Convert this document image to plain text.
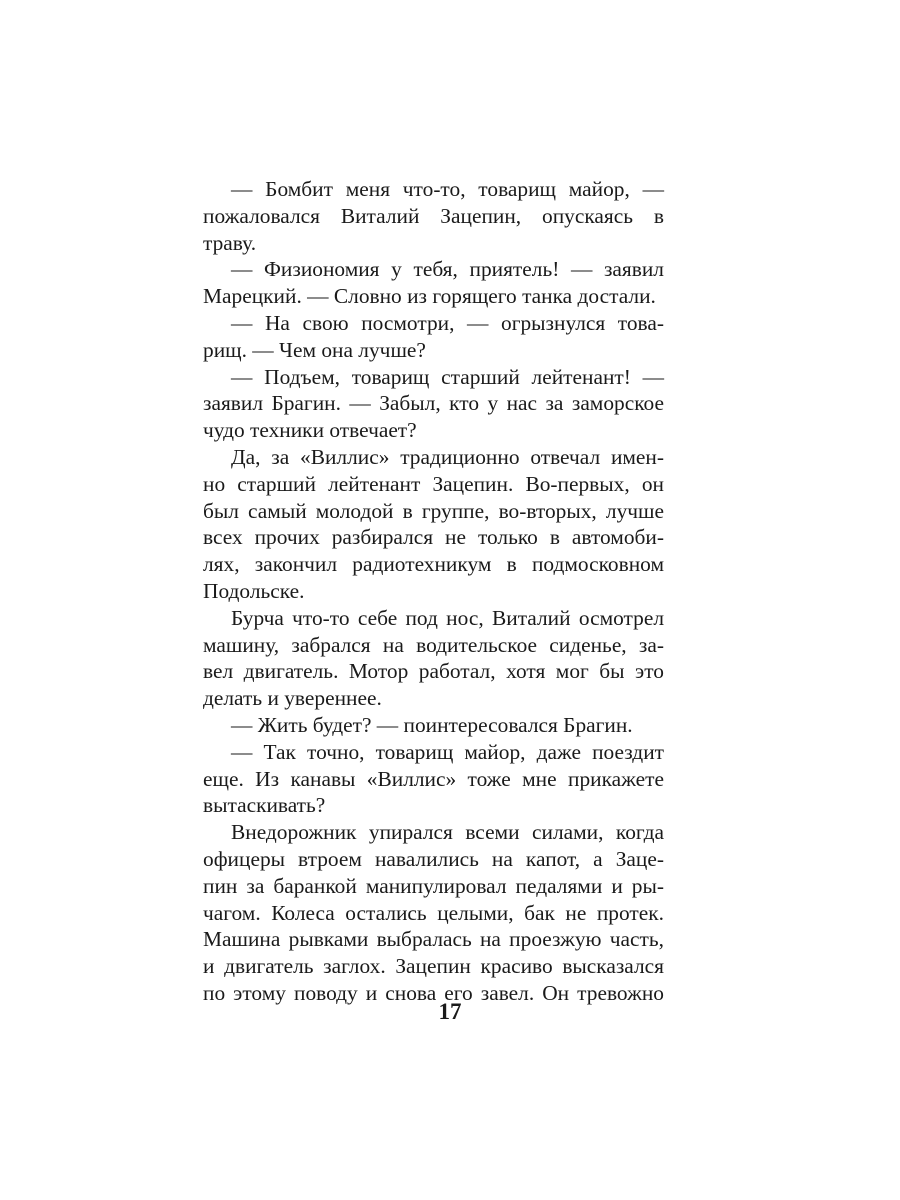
— Бомбит меня что-то, товарищ майор, —
пожаловался Виталий Зацепин, опускаясь в
траву.
— Физиономия у тебя, приятель! — заявил
Марецкий. — Словно из горящего танка достали.
— На свою посмотри, — огрызнулся това-
рищ. — Чем она лучше?
— Подъем, товарищ старший лейтенант! —
заявил Брагин. — Забыл, кто у нас за заморское
чудо техники отвечает?
Да, за «Виллис» традиционно отвечал имен-
но старший лейтенант Зацепин. Во-первых, он
был самый молодой в группе, во-вторых, лучше
всех прочих разбирался не только в автомоби-
лях, закончил радиотехникум в подмосковном
Подольске.
Бурча что-то себе под нос, Виталий осмотрел
машину, забрался на водительское сиденье, за-
вел двигатель. Мотор работал, хотя мог бы это
делать и увереннее.
— Жить будет? — поинтересовался Брагин.
— Так точно, товарищ майор, даже поездит
еще. Из канавы «Виллис» тоже мне прикажете
вытаскивать?
Внедорожник упирался всеми силами, когда
офицеры втроем навалились на капот, а Заце-
пин за баранкой манипулировал педалями и ры-
чагом. Колеса остались целыми, бак не протек.
Машина рывками выбралась на проезжую часть,
и двигатель заглох. Зацепин красиво высказался
по этому поводу и снова его завел. Он тревожно
17
